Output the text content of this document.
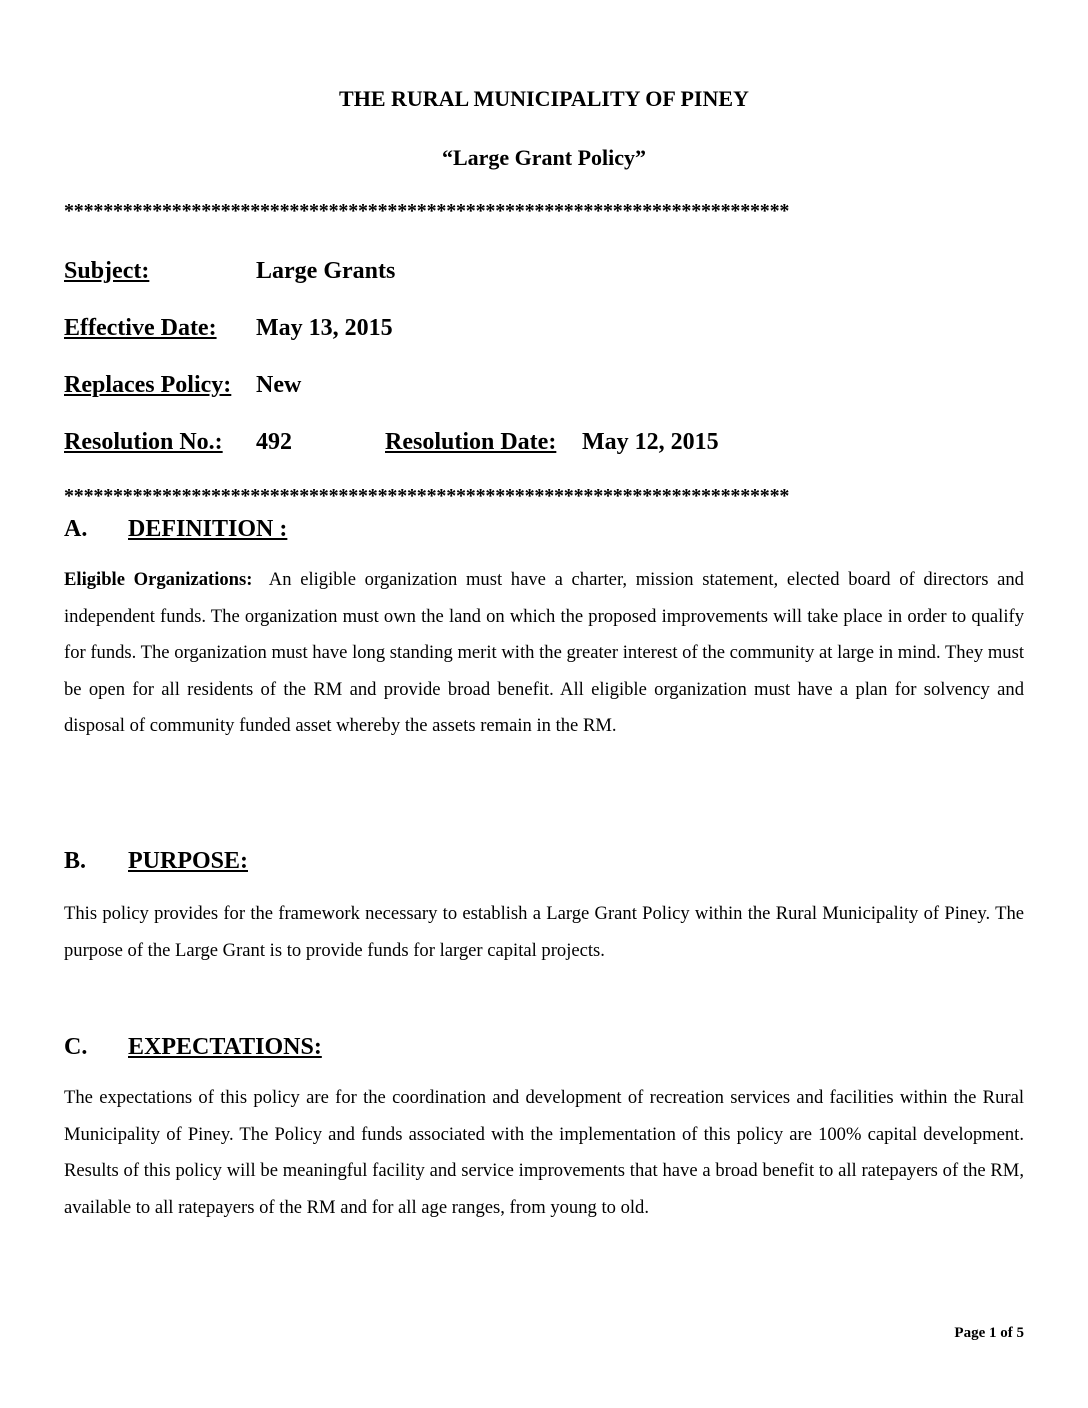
THE RURAL MUNICIPALITY OF PINEY
“Large Grant Policy”
**************************************************************************
Subject:	Large Grants
Effective Date: May 13, 2015
Replaces Policy: New
Resolution No.: 492	Resolution Date: May 12, 2015
**************************************************************************
A. DEFINITION :
Eligible Organizations: An eligible organization must have a charter, mission statement, elected board of directors and independent funds. The organization must own the land on which the proposed improvements will take place in order to qualify for funds. The organization must have long standing merit with the greater interest of the community at large in mind. They must be open for all residents of the RM and provide broad benefit. All eligible organization must have a plan for solvency and disposal of community funded asset whereby the assets remain in the RM.
B. PURPOSE:
This policy provides for the framework necessary to establish a Large Grant Policy within the Rural Municipality of Piney. The purpose of the Large Grant is to provide funds for larger capital projects.
C. EXPECTATIONS:
The expectations of this policy are for the coordination and development of recreation services and facilities within the Rural Municipality of Piney. The Policy and funds associated with the implementation of this policy are 100% capital development. Results of this policy will be meaningful facility and service improvements that have a broad benefit to all ratepayers of the RM, available to all ratepayers of the RM and for all age ranges, from young to old.
Page 1 of 5
